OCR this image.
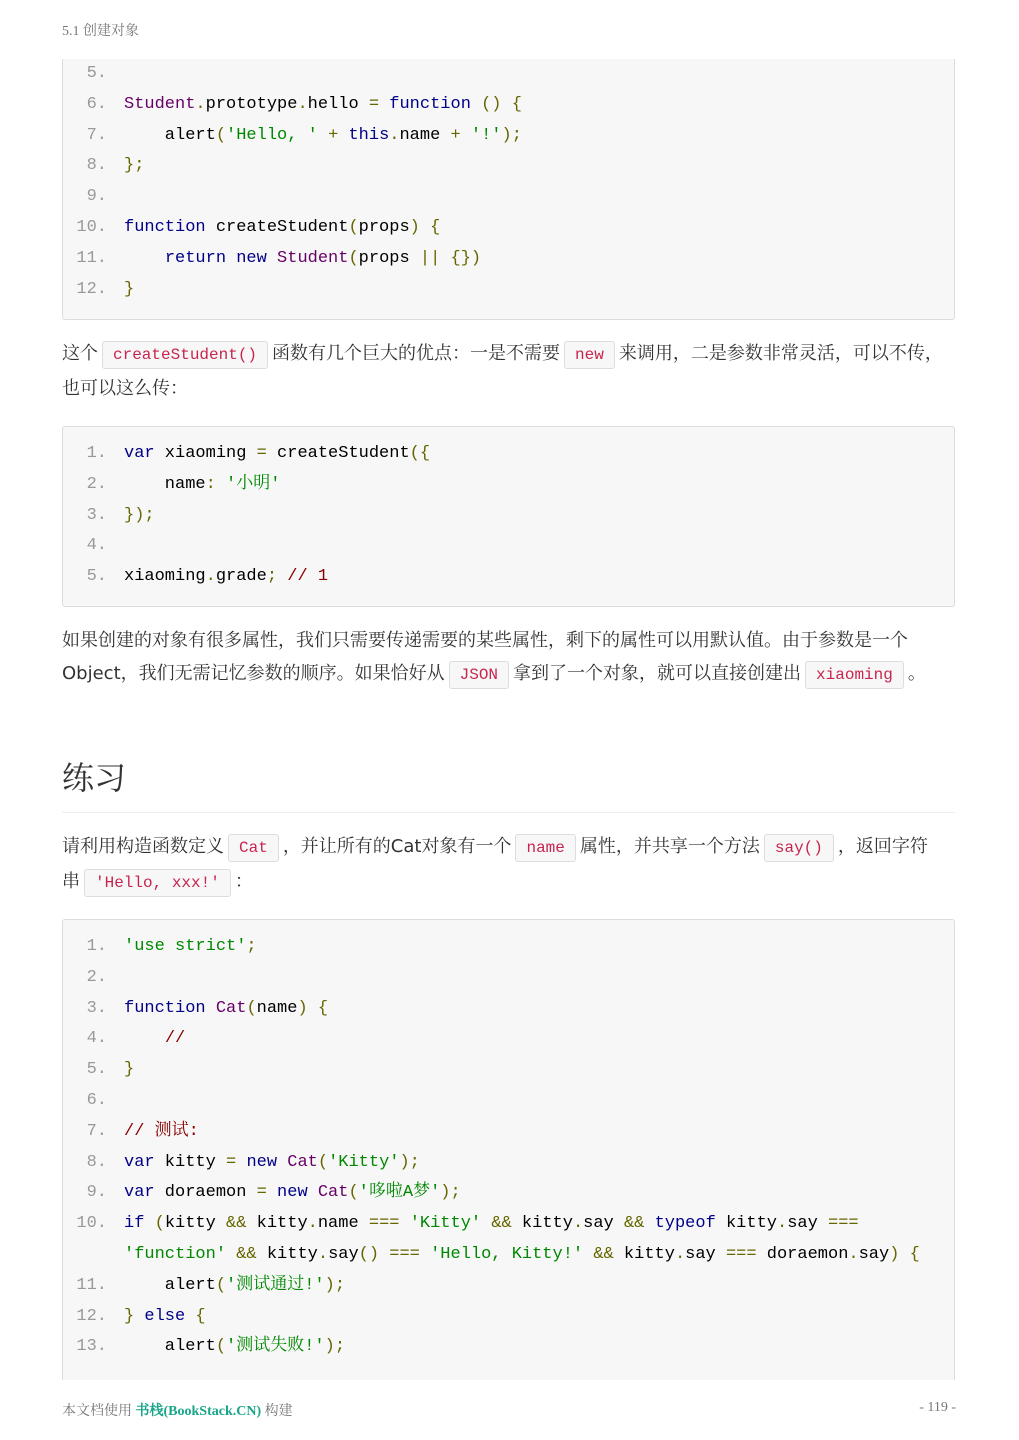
5.1 创建对象
5.
6. Student.prototype.hello = function () {
7. alert('Hello, ' + this.name + '!');
8. };
9.
10. function createStudent(props) {
11.	return new Student(props || {})
12. }
这个 createStudent() 函数有几个巨大的优点：一是不需要 new 来调用，二是参数非常灵活，可以不传，也可以这么传：
1. var xiaoming = createStudent({
2. name: '小明'
3. });
4.
5. xiaoming.grade; // 1
如果创建的对象有很多属性，我们只需要传递需要的某些属性，剩下的属性可以用默认值。由于参数是一个Object，我们无需记忆参数的顺序。如果恰好从 JSON 拿到了一个对象，就可以直接创建出 xiaoming 。
练习
请利用构造函数定义 Cat ，并让所有的Cat对象有一个 name 属性，并共享一个方法 say() ，返回字符串 'Hello, xxx!' ：
1. 'use strict';
2.
3. function Cat(name) {
4.	//
5. }
6.
7. // 测试:
8. var kitty = new Cat('Kitty');
9. var doraemon = new Cat('哆啦A梦');
10. if (kitty && kitty.name === 'Kitty' && kitty.say && typeof kitty.say ===
'function' && kitty.say() === 'Hello, Kitty!' && kitty.say === doraemon.say) {
11. alert('测试通过!');
12. } else {
13. alert('测试失败!');
本文档使用 书栈(BookStack.CN) 构建	- 119 -
